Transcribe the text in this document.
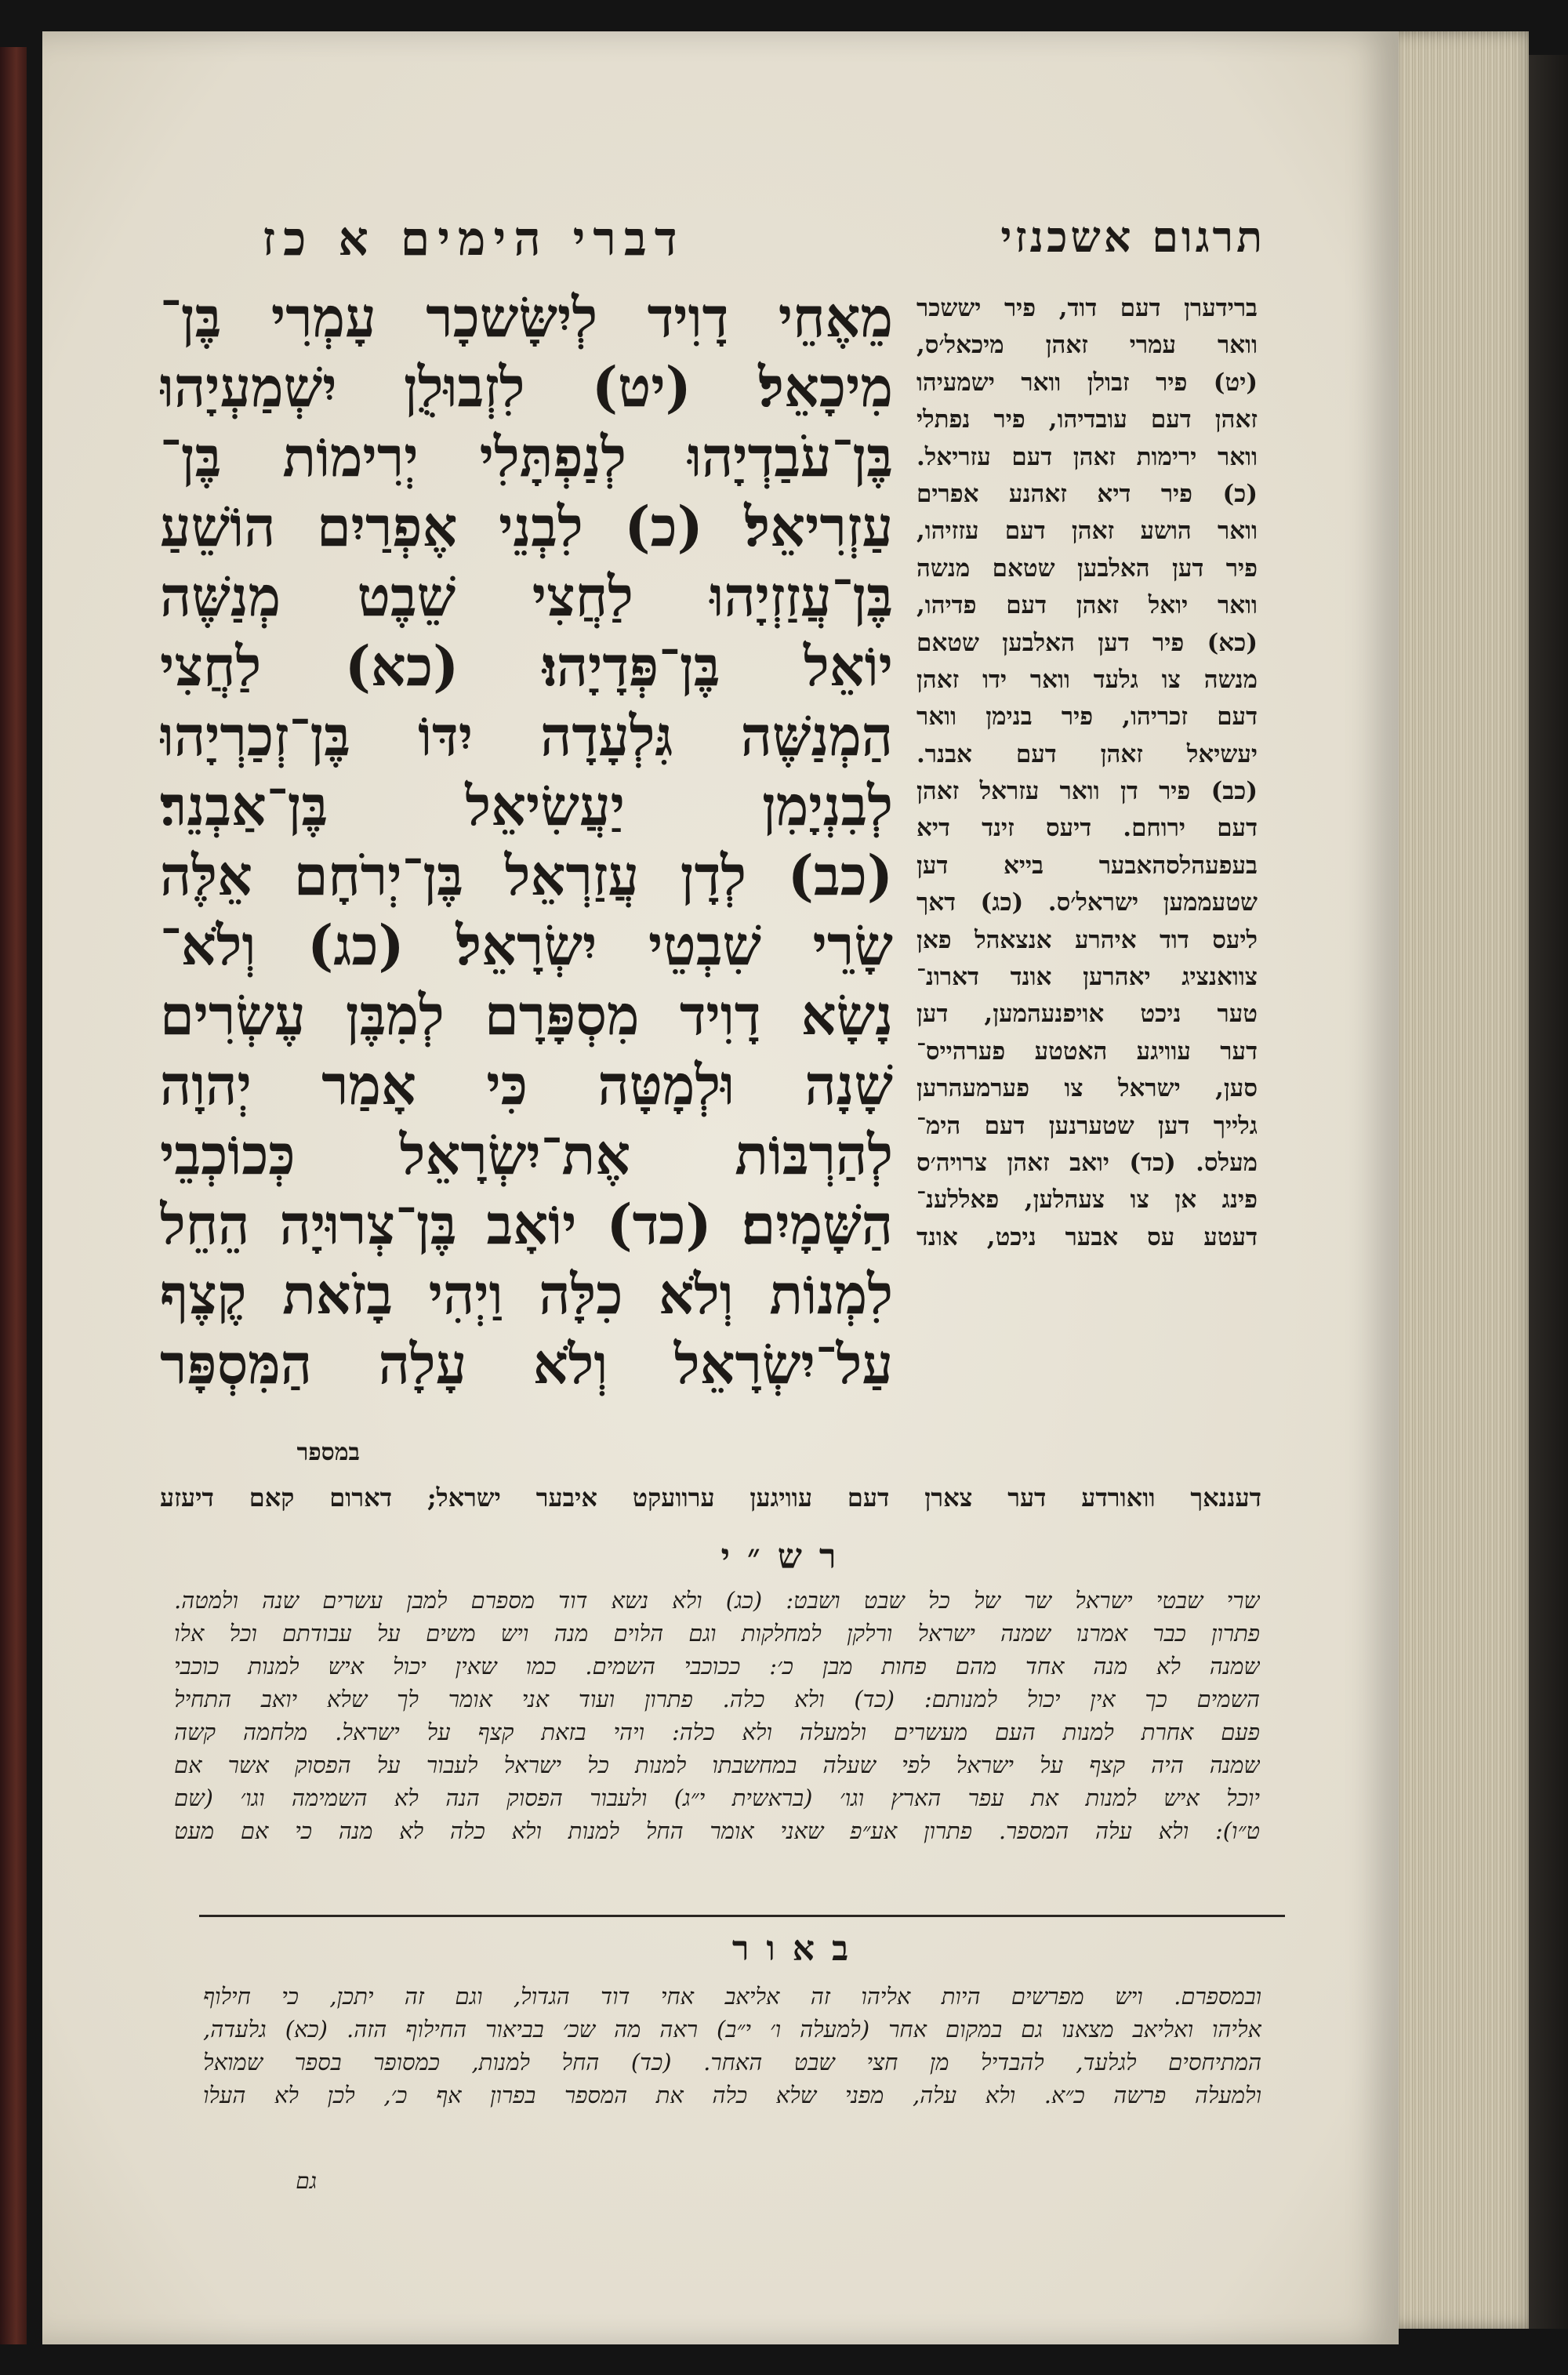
דברי הימים א כז	תרגום אשכנזי
מֵאֶחֵי דָוִיד לְיִשָּׂשכָר עָמְרִי בֶּן־
מִיכָאֵל׃ (יט) לִזְבוּלֻן יִשְׁמַעְיָהוּ
בֶּן־עֹבַדְיָהוּ לְנַפְתָּלִי יְרִימוֹת בֶּן־
עַזְרִיאֵל׃ (כ) לִבְנֵי אֶפְרַיִם הוֹשֵׁעַ
בֶּן־עֲזַזְיָהוּ לַחֲצִי שֵׁבֶט מְנַשֶּׁה
יוֹאֵל בֶּן־פְּדָיָהוּ׃ (כא) לַחֲצִי
הַמְנַשֶּׁה גִּלְעָדָה יִדּוֹ בֶּן־זְכַרְיָהוּ
לְבִנְיָמִן יַעֲשִׂיאֵל בֶּן־אַבְנֵר׃
(כב) לְדָן עֲזַרְאֵל בֶּן־יְרֹחָם אֵלֶּה
שָׂרֵי שִׁבְטֵי יִשְׂרָאֵל׃ (כג) וְלֹא־
נָשָׂא דָוִיד מִסְפָּרָם לְמִבֶּן עֶשְׂרִים
שָׁנָה וּלְמָטָּה כִּי אָמַר יְהוָה
לְהַרְבּוֹת אֶת־יִשְׂרָאֵל כְּכוֹכְבֵי
הַשָּׁמָיִם׃ (כד) יוֹאָב בֶּן־צְרוּיָה הֵחֵל
לִמְנוֹת וְלֹא כִלָּה וַיְהִי בָזֹאת קֶצֶף
עַל־יִשְׂרָאֵל וְלֹא עָלָה הַמִּסְפָּר
במספר
ברידערן דעם דוד, פיר יששכר
וואר עמרי זאהן מיכאל׳ס,
(יט) פיר זבולן וואר ישמעיהו
זאהן דעם עובדיהו, פיר נפתלי
וואר ירימות זאהן דעם עזריאל.
(כ) פיר דיא זאהנע אפרים
וואר הושע זאהן דעם עזזיהו,
פיר דען האלבען שטאם מנשה
וואר יואל זאהן דעם פדיהו,
(כא) פיר דען האלבען שטאם
מנשה צו גלעד וואר ידו זאהן
דעם זכריהו, פיר בנימן וואר
יעשיאל זאהן דעם אבנר.
(כב) פיר דן וואר עזראל זאהן
דעם ירוחם. דיעס זינד דיא
בעפעהלסהאבער בייא דען
שטעממען ישראל׳ס. (כג) דאך
ליעס דוד איהרע אנצאהל פאן
צוואנציג יאהרען אונד דארונ־
טער ניכט אויפנעהמען, דען
דער עוויגע האטטע פערהייס־
סען, ישראל צו פערמעהרען
גלייך דען שטערנען דעם הימ־
מעלס. (כד) יואב זאהן צרויה׳ס
פינג אן צו צעהלען, פאללענ־
דעטע עס אבער ניכט, אונד
דעננאך וואורדע דער צארן דעם עוויגען ערוועקט איבער ישראל; דארום קאם דיעזע
רש״י
שרי שבטי ישראל שר של כל שבט ושבט: (כג) ולא נשא דוד מספרם למבן עשרים שנה ולמטה.
פתרון כבר אמרנו שמנה ישראל ורלקן למחלקות וגם הלוים מנה ויש משים על עבודתם וכל אלו
שמנה לא מנה אחד מהם פחות מבן כ׳: ככוכבי השמים. כמו שאין יכול איש למנות כוכבי
השמים כך אין יכול למנותם: (כד) ולא כלה. פתרון ועוד אני אומר לך שלא יואב התחיל
פעם אחרת למנות העם מעשרים ולמעלה ולא כלה: ויהי בזאת קצף על ישראל. מלחמה קשה
שמנה היה קצף על ישראל לפי שעלה במחשבתו למנות כל ישראל לעבור על הפסוק אשר אם
יוכל איש למנות את עפר הארץ וגו׳ (בראשית י״ג) ולעבור הפסוק הנה לא השמימה וגו׳ (שם
ט״ו): ולא עלה המספר. פתרון אע״פ שאני אומר החל למנות ולא כלה לא מנה כי אם מעט
באור
ובמספרם. ויש מפרשים היות אליהו זה אליאב אחי דוד הגדול, וגם זה יתכן, כי חילוף
אליהו ואליאב מצאנו גם במקום אחר (למעלה ו׳ י״ב) ראה מה שכ׳ בביאור החילוף הזה. (כא) גלעדה,
המתיחסים לגלעד, להבדיל מן חצי שבט האחר. (כד) החל למנות, כמסופר בספר שמואל
ולמעלה פרשה כ״א. ולא עלה, מפני שלא כלה את המספר בפרון אף כ׳, לכן לא העלו
גם
